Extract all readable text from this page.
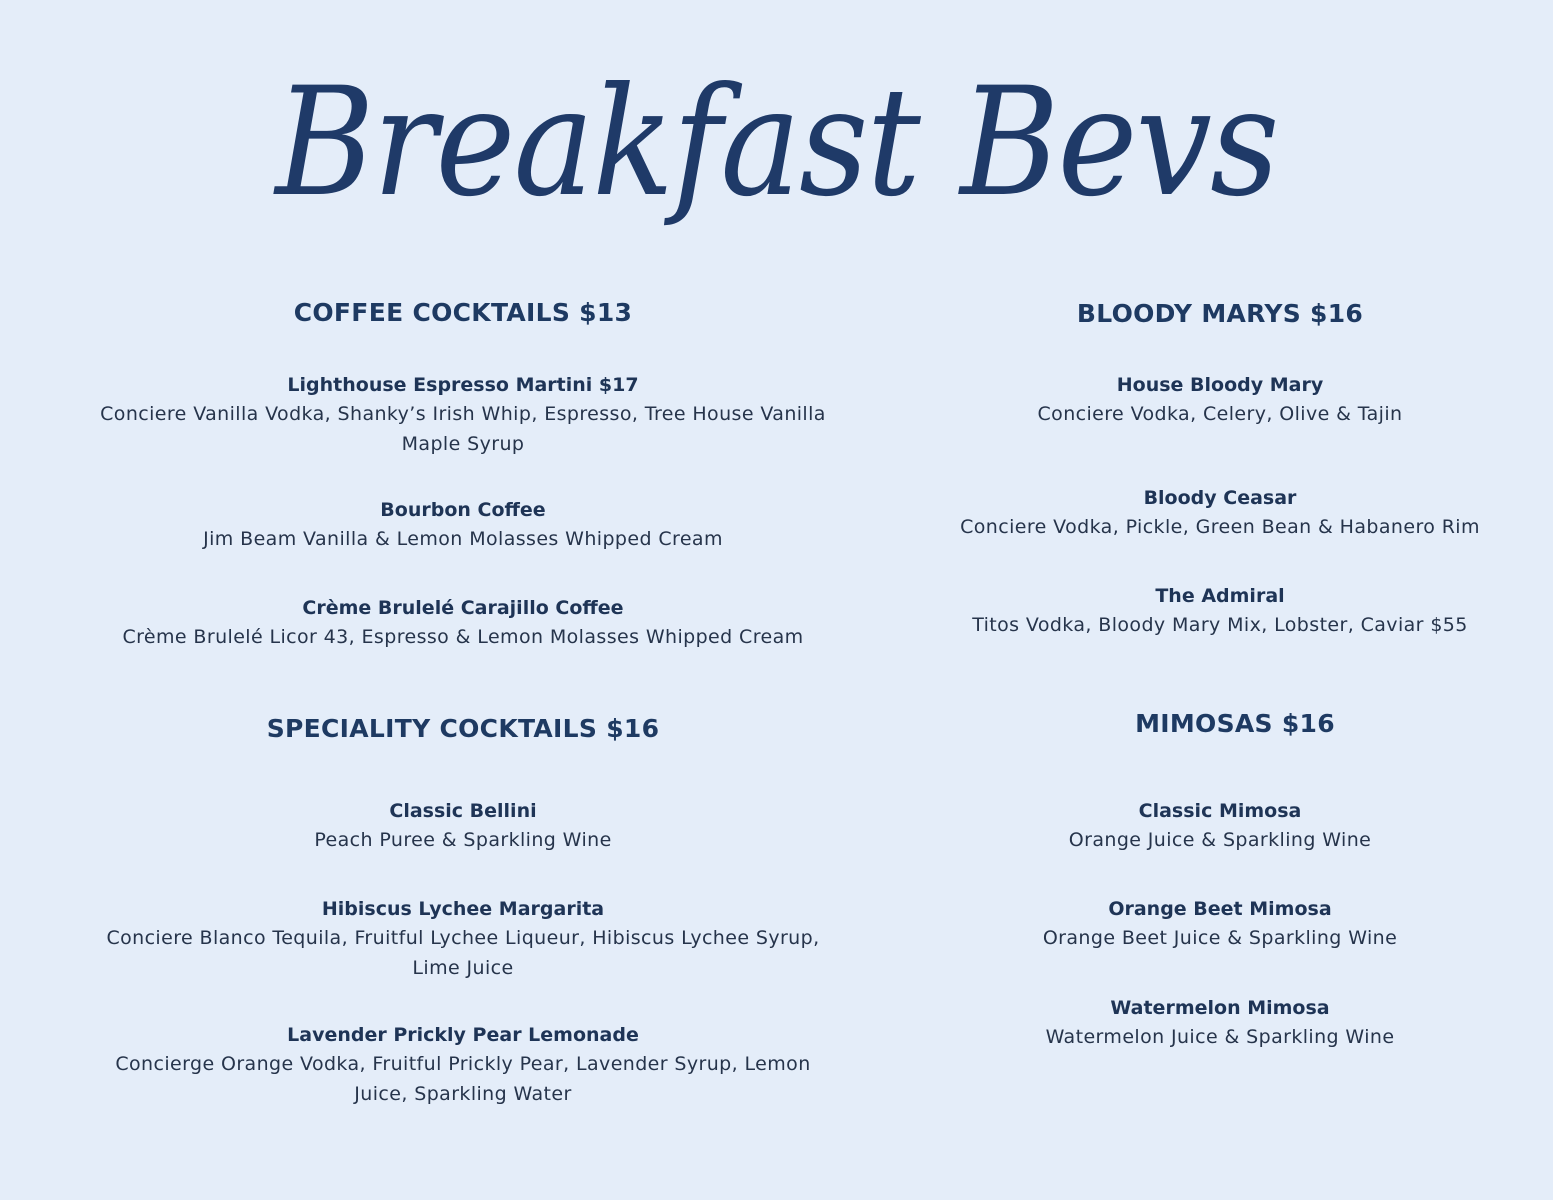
Breakfast Bevs
COFFEE COCKTAILS $13
Lighthouse Espresso Martini $17
Conciere Vanilla Vodka, Shanky’s Irish Whip, Espresso, Tree House Vanilla Maple Syrup
Bourbon Coffee
Jim Beam Vanilla & Lemon Molasses Whipped Cream
Crème Brulelé Carajillo Coffee
Crème Brulelé Licor 43, Espresso & Lemon Molasses Whipped Cream
BLOODY MARYS $16
House Bloody Mary
Conciere Vodka, Celery, Olive & Tajin
Bloody Ceasar
Conciere Vodka, Pickle, Green Bean & Habanero Rim
The Admiral
Titos Vodka, Bloody Mary Mix, Lobster, Caviar $55
SPECIALITY COCKTAILS $16
Classic Bellini
Peach Puree & Sparkling Wine
Hibiscus Lychee Margarita
Conciere Blanco Tequila, Fruitful Lychee Liqueur, Hibiscus Lychee Syrup, Lime Juice
Lavender Prickly Pear Lemonade
Concierge Orange Vodka, Fruitful Prickly Pear, Lavender Syrup, Lemon Juice, Sparkling Water
MIMOSAS $16
Classic Mimosa
Orange Juice & Sparkling Wine
Orange Beet Mimosa
Orange Beet Juice & Sparkling Wine
Watermelon Mimosa
Watermelon Juice & Sparkling Wine
